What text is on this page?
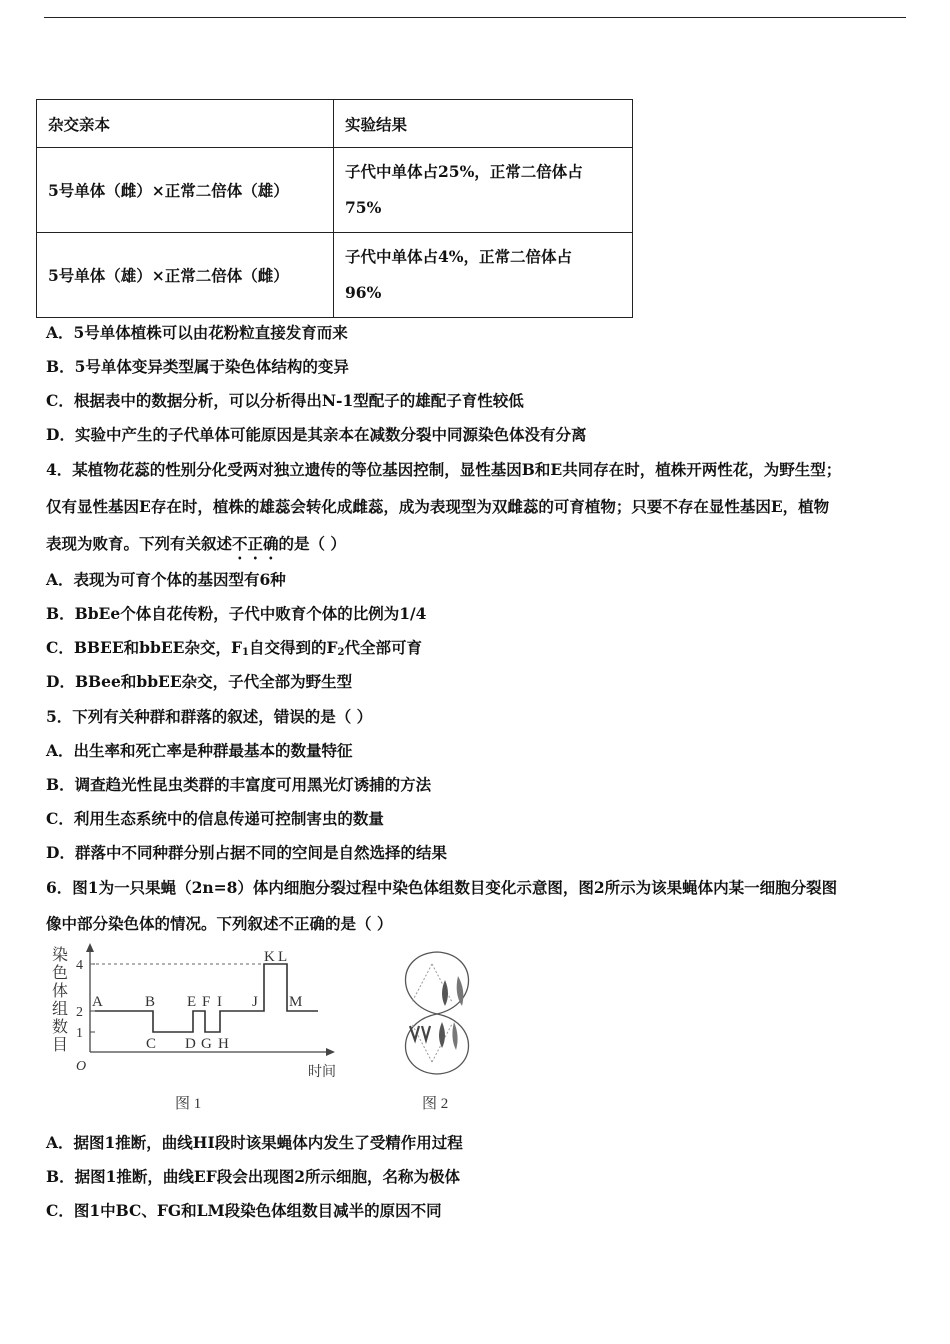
杂交亲本	实验结果
5号单体（雌）×正常二倍体（雄）	子代中单体占25%，正常二倍体占
75%
5号单体（雄）×正常二倍体（雌）	子代中单体占4%，正常二倍体占
96%
A．5号单体植株可以由花粉粒直接发育而来
B．5号单体变异类型属于染色体结构的变异
C．根据表中的数据分析，可以分析得出N-1型配子的雄配子育性较低
D．实验中产生的子代单体可能原因是其亲本在减数分裂中同源染色体没有分离
4．某植物花蕊的性别分化受两对独立遗传的等位基因控制，显性基因B和E共同存在时，植株开两性花，为野生型；
仅有显性基因E存在时，植株的雄蕊会转化成雌蕊，成为表现型为双雌蕊的可育植物；只要不存在显性基因E，植物
表现为败育。下列有关叙述不正确的是（ ）
A．表现为可育个体的基因型有6种
B．BbEe个体自花传粉，子代中败育个体的比例为1/4
C．BBEE和bbEE杂交，$F_1$自交得到的$F_2$代全部可育
D．BBee和bbEE杂交，子代全部为野生型
5．下列有关种群和群落的叙述，错误的是（ ）
A．出生率和死亡率是种群最基本的数量特征
B．调查趋光性昆虫类群的丰富度可用黑光灯诱捕的方法
C．利用生态系统中的信息传递可控制害虫的数量
D．群落中不同种群分别占据不同的空间是自然选择的结果
6．图1为一只果蝇（2n=8）体内细胞分裂过程中染色体组数目变化示意图，图2所示为该果蝇体内某一细胞分裂图
像中部分染色体的情况。下列叙述不正确的是（ ）
染
色
体
组
数
目
4
2
1
O	时间
A	B E F I J
K L
M
C D G H
图 1	图 2
A．据图1推断，曲线HI段时该果蝇体内发生了受精作用过程
B．据图1推断，曲线EF段会出现图2所示细胞，名称为极体
C．图1中BC、FG和LM段染色体组数目减半的原因不同
